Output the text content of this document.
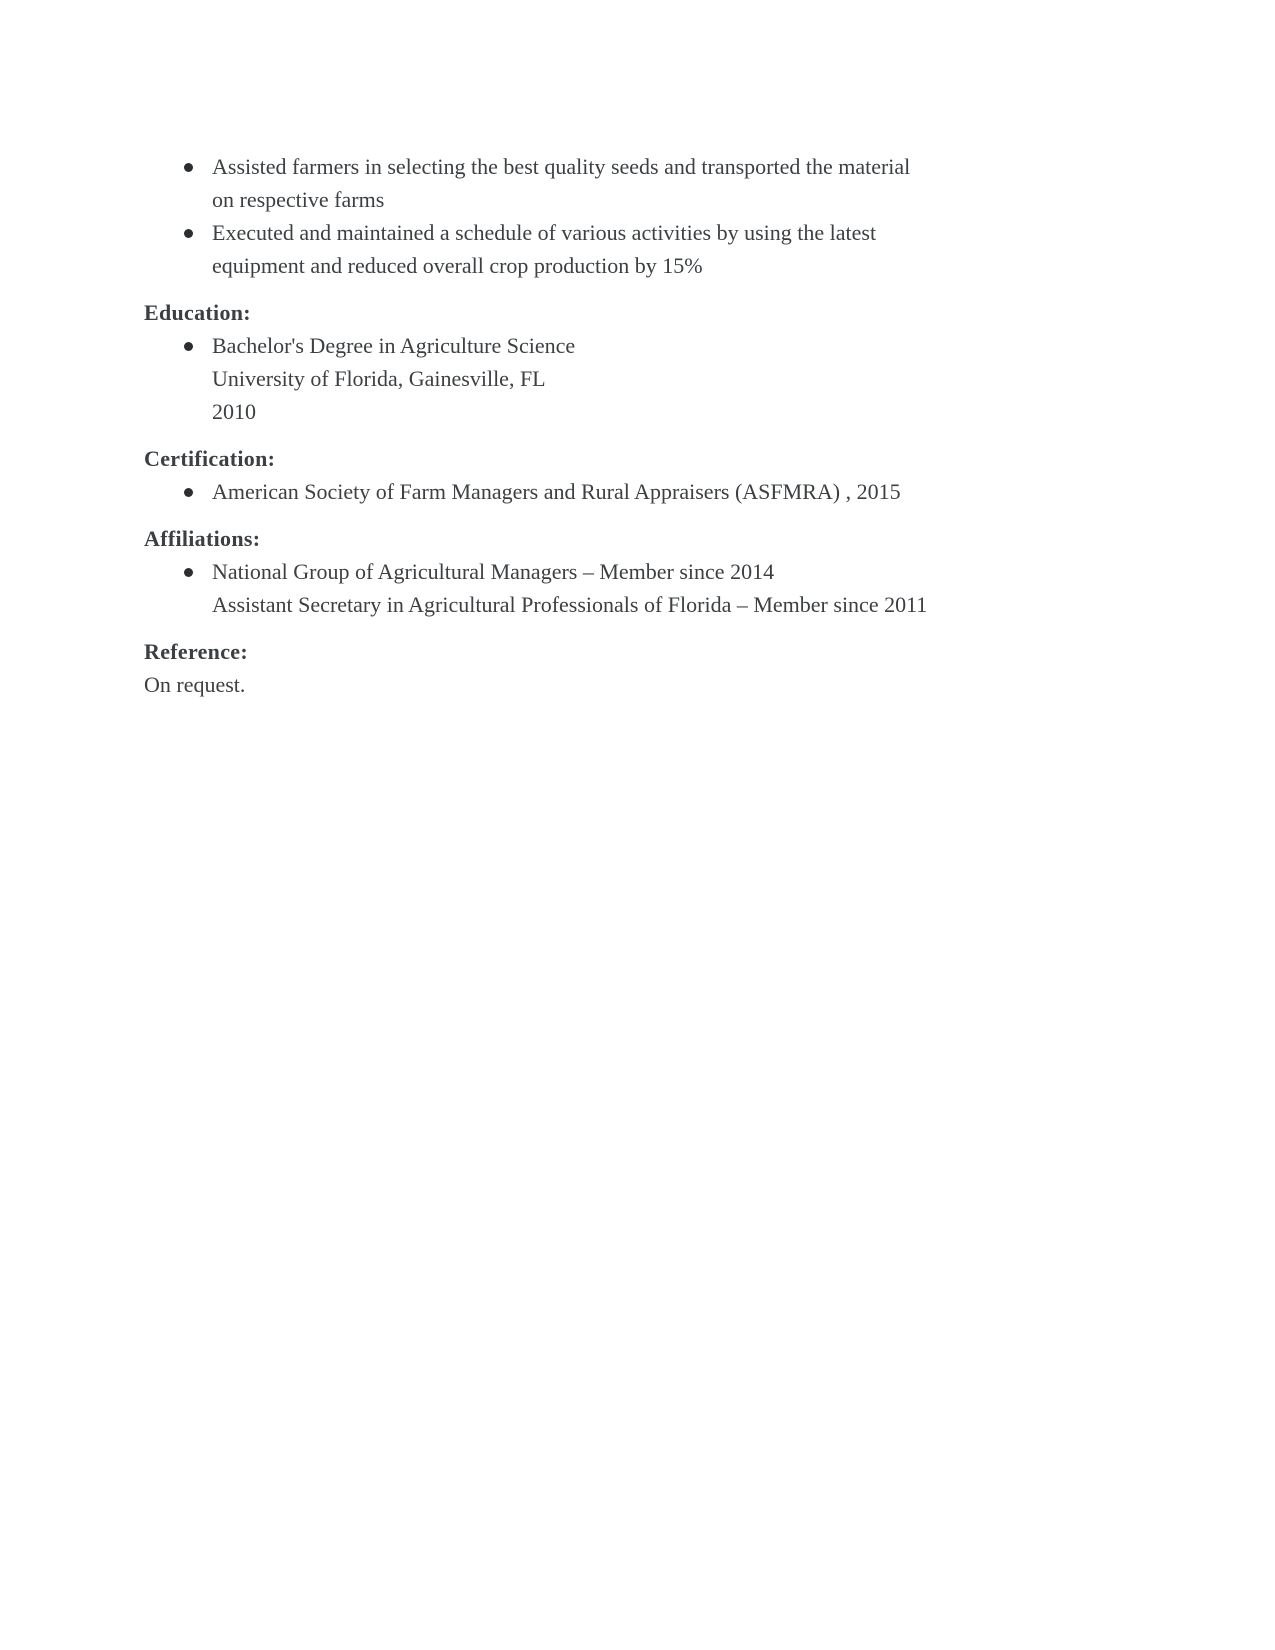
Assisted farmers in selecting the best quality seeds and transported the material
on respective farms
Executed and maintained a schedule of various activities by using the latest
equipment and reduced overall crop production by 15%
Education:
Bachelor's Degree in Agriculture Science
University of Florida, Gainesville, FL
2010
Certification:
American Society of Farm Managers and Rural Appraisers (ASFMRA) , 2015
Affiliations:
National Group of Agricultural Managers – Member since 2014
Assistant Secretary in Agricultural Professionals of Florida – Member since 2011
Reference:

On request.
